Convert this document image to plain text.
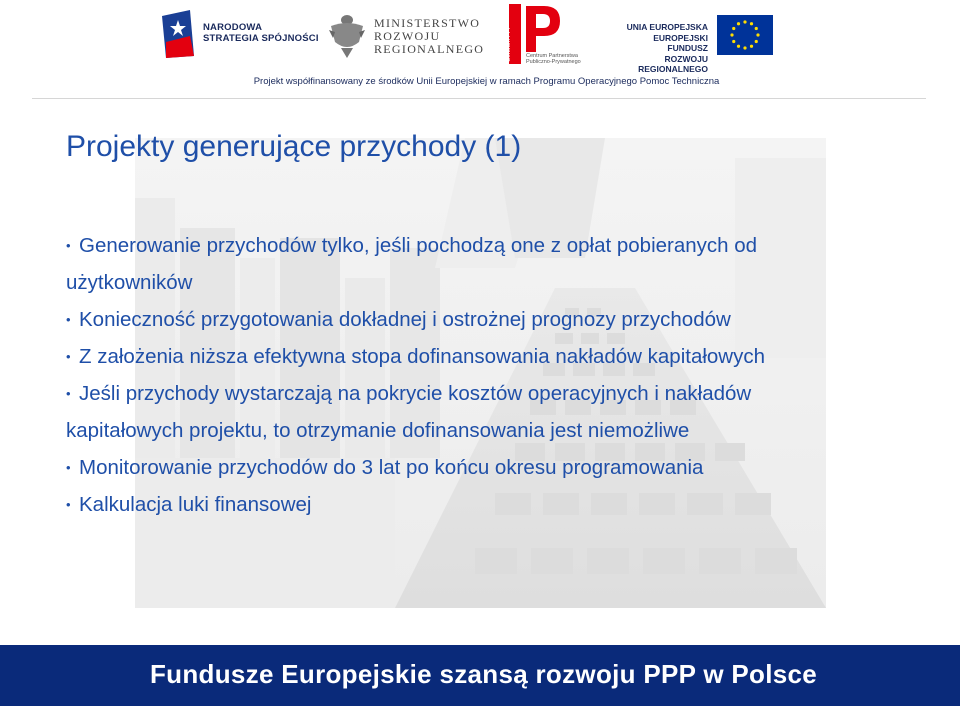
NARODOWA
STRATEGIA SPÓJNOŚCI
MINISTERSTWO
ROZWOJU
REGIONALNEGO	Centrum PPP	Centrum Partnerstwa
Publiczno-Prywatnego
UNIA EUROPEJSKA
EUROPEJSKI FUNDUSZ
ROZWOJU REGIONALNEGO
Projekt współfinansowany ze środków Unii Europejskiej w ramach Programu Operacyjnego Pomoc Techniczna
Projekty generujące przychody (1)
• Generowanie przychodów tylko, jeśli pochodzą one z opłat pobieranych od
użytkowników
• Konieczność przygotowania dokładnej i ostrożnej prognozy przychodów
• Z założenia niższa efektywna stopa dofinansowania nakładów kapitałowych
• Jeśli przychody wystarczają na pokrycie kosztów operacyjnych i nakładów
kapitałowych projektu, to otrzymanie dofinansowania jest niemożliwe
• Monitorowanie przychodów do 3 lat po końcu okresu programowania
• Kalkulacja luki finansowej
Fundusze Europejskie szansą rozwoju PPP w Polsce
